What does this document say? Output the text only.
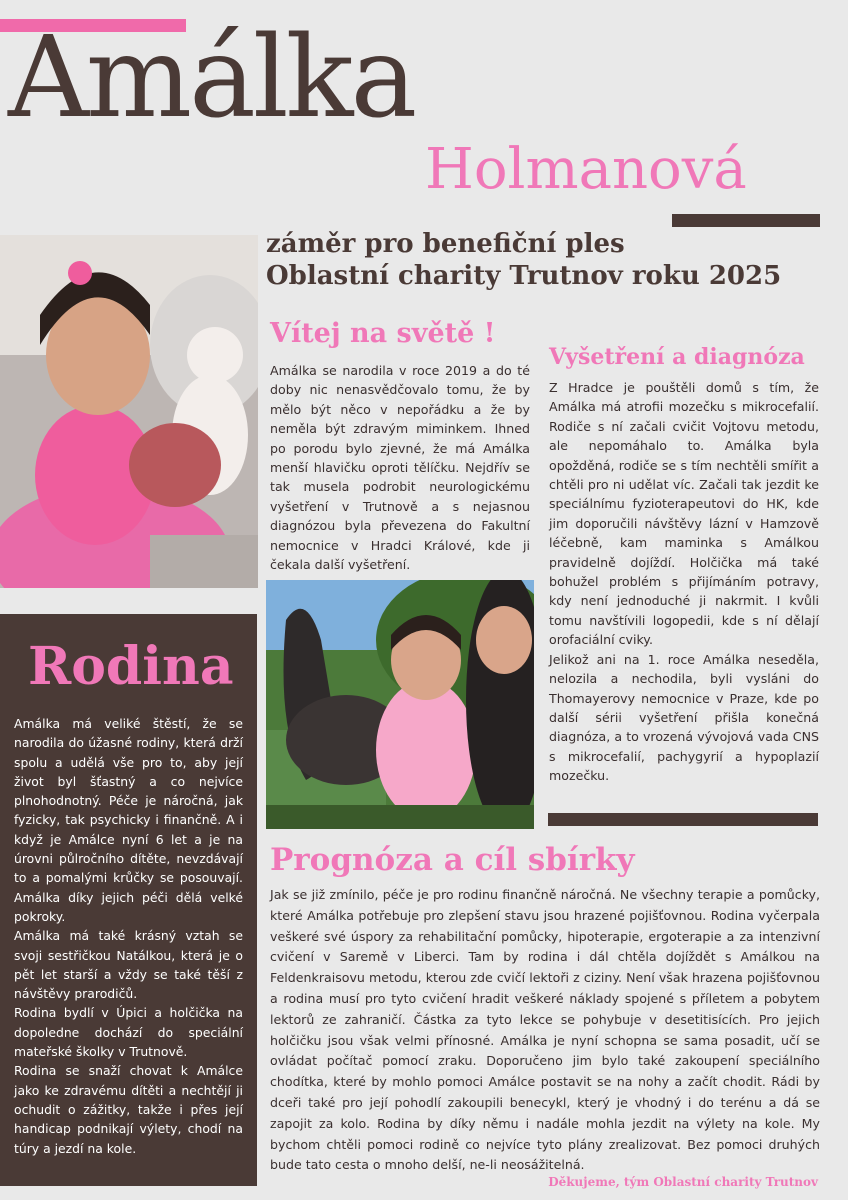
Amálka
Holmanová
záměr pro benefiční ples
Oblastní charity Trutnov roku 2025
Vítej na světě !
Amálka se narodila v roce 2019 a do té doby nic nenasvědčovalo tomu, že by mělo být něco v nepořádku a že by neměla být zdravým miminkem. Ihned po porodu bylo zjevné, že má Amálka menší hlavičku oproti tělíčku. Nejdřív se tak musela podrobit neurologickému vyšetření v Trutnově a s nejasnou diagnózou byla převezena do Fakultní nemocnice v Hradci Králové, kde ji čekala další vyšetření.
Vyšetření a diagnóza

Z Hradce je pouštěli domů s tím, že Amálka má atrofii mozečku s mikrocefalií. Rodiče s ní začali cvičit Vojtovu metodu, ale nepomáhalo to. Amálka byla opožděná, rodiče se s tím nechtěli smířit a chtěli pro ni udělat víc. Začali tak jezdit ke speciálnímu fyzioterapeutovi do HK, kde jim doporučili návštěvy lázní v Hamzově léčebně, kam maminka s Amálkou pravidelně dojíždí. Holčička má také bohužel problém s přijímáním potravy, kdy není jednoduché ji nakrmit. I kvůli tomu navštívili logopedii, kde s ní dělají orofaciální cviky.

Jelikož ani na 1. roce Amálka neseděla, nelozila a nechodila, byli vysláni do Thomayerovy nemocnice v Praze, kde po další sérii vyšetření přišla konečná diagnóza, a to vrozená vývojová vada CNS s mikrocefalií, pachygyrií a hypoplazií mozečku.

Rodina

Amálka má veliké štěstí, že se narodila do úžasné rodiny, která drží spolu a udělá vše pro to, aby její život byl šťastný a co nejvíce plnohodnotný. Péče je náročná, jak fyzicky, tak psychicky i finančně. A i když je Amálce nyní 6 let a je na úrovni půlročního dítěte, nevzdávají to a pomalými krůčky se posouvají. Amálka díky jejich péči dělá velké pokroky.

Amálka má také krásný vztah se svoji sestřičkou Natálkou, která je o pět let starší a vždy se také těší z návštěvy prarodičů.

Rodina bydlí v Úpici a holčička na dopoledne dochází do speciální mateřské školky v Trutnově.

Rodina se snaží chovat k Amálce jako ke zdravému dítěti a nechtějí ji ochudit o zážitky, takže i přes její handicap podnikají výlety, chodí na túry a jezdí na kole.

Prognóza a cíl sbírky
Jak se již zmínilo, péče je pro rodinu finančně náročná. Ne všechny terapie a pomůcky, které Amálka potřebuje pro zlepšení stavu jsou hrazené pojišťovnou. Rodina vyčerpala veškeré své úspory za rehabilitační pomůcky, hipoterapie, ergoterapie a za intenzivní cvičení v Saremě v Liberci. Tam by rodina i dál chtěla dojíždět s Amálkou na Feldenkraisovu metodu, kterou zde cvičí lektoři z ciziny. Není však hrazena pojišťovnou a rodina musí pro tyto cvičení hradit veškeré náklady spojené s příletem a pobytem lektorů ze zahraničí. Částka za tyto lekce se pohybuje v desetitisících. Pro jejich holčičku jsou však velmi přínosné. Amálka je nyní schopna se sama posadit, učí se ovládat počítač pomocí zraku. Doporučeno jim bylo také zakoupení speciálního chodítka, které by mohlo pomoci Amálce postavit se na nohy a začít chodit. Rádi by dceři také pro její pohodlí zakoupili benecykl, který je vhodný i do terénu a dá se zapojit za kolo. Rodina by díky němu i nadále mohla jezdit na výlety na kole. My bychom chtěli pomoci rodině co nejvíce tyto plány zrealizovat. Bez pomoci druhých bude tato cesta o mnoho delší, ne-li neosážitelná.
Děkujeme, tým Oblastní charity Trutnov
